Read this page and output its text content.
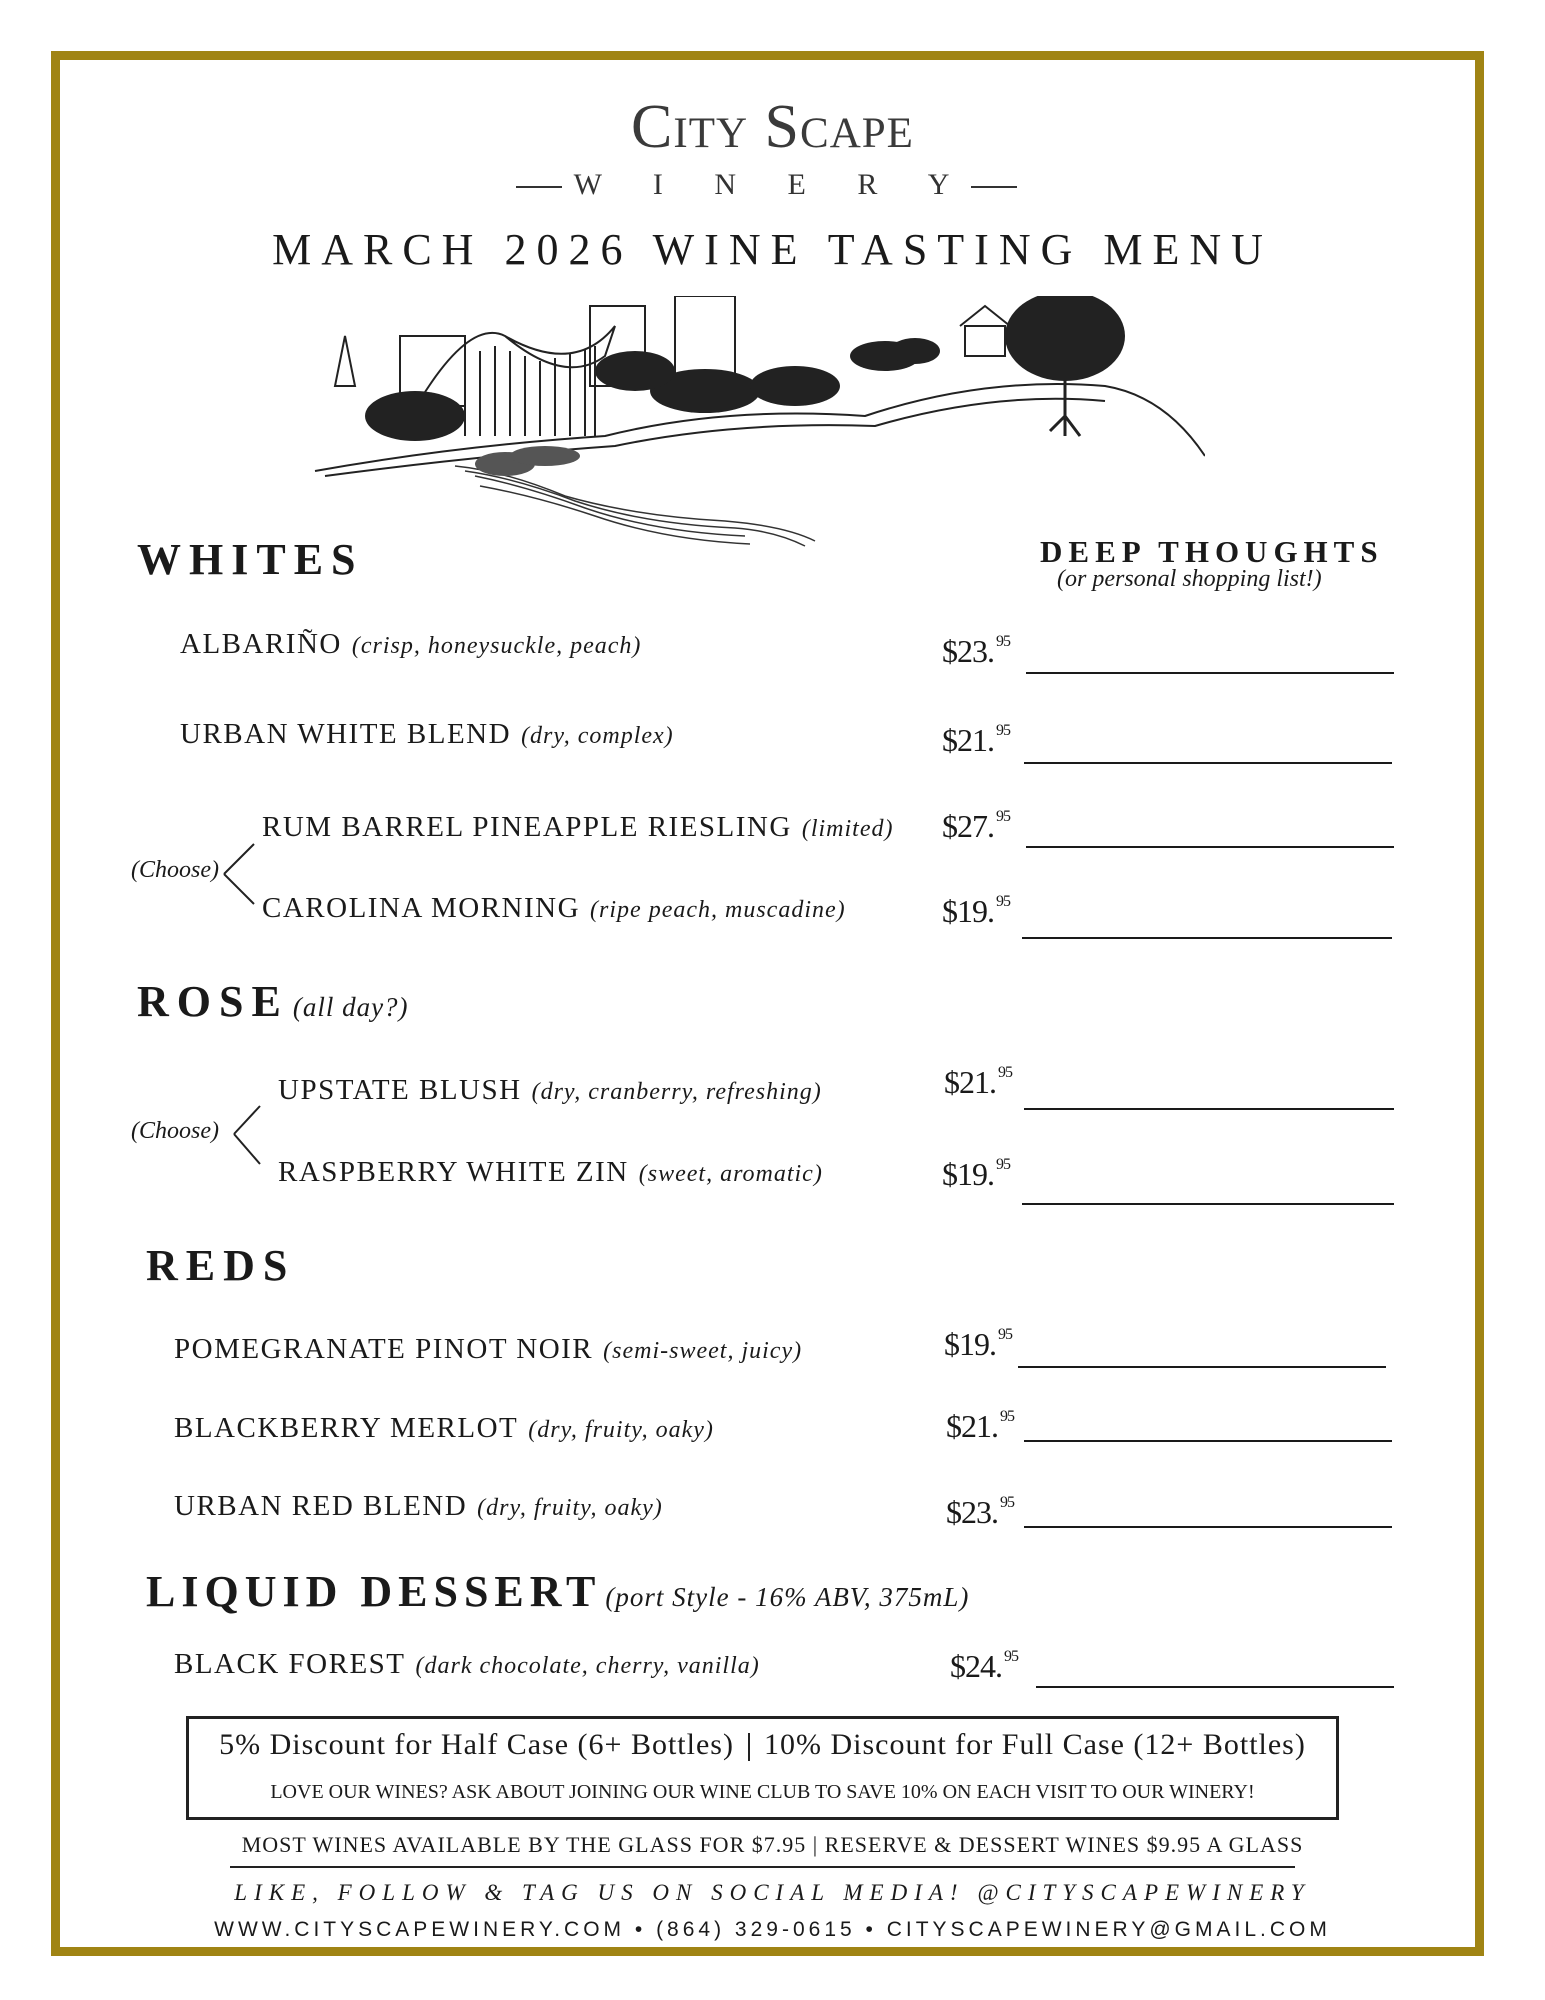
City Scape
W I N E R Y
MARCH 2026 WINE TASTING MENU
WHITES	DEEP THOUGHTS
(or personal shopping list!)
ALBARIÑO (crisp, honeysuckle, peach)	$23. $^{95}$
URBAN WHITE BLEND (dry, complex)	$21. $^{95}$
(Choose)
RUM BARREL PINEAPPLE RIESLING (limited) $27. $^{95}$
CAROLINA MORNING (ripe peach, muscadine)	$19. $^{95}$
ROSE (all day?)
(Choose)
UPSTATE BLUSH (dry, cranberry, refreshing)	$21. $^{95}$
RASPBERRY WHITE ZIN (sweet, aromatic)	$19. $^{95}$
REDS
POMEGRANATE PINOT NOIR (semi-sweet, juicy)	$19. $^{95}$
BLACKBERRY MERLOT (dry, fruity, oaky)	$21. $^{95}$
URBAN RED BLEND (dry, fruity, oaky)	$23. $^{95}$
LIQUID DESSERT (port Style - 16% ABV, 375mL)
BLACK FOREST (dark chocolate, cherry, vanilla)	$24. $^{95}$
5% Discount for Half Case (6+ Bottles) 10% Discount for Full Case (12+ Bottles)
LOVE OUR WINES? ASK ABOUT JOINING OUR WINE CLUB TO SAVE 10% ON EACH VISIT TO OUR WINERY!
MOST WINES AVAILABLE BY THE GLASS FOR $7.95 | RESERVE & DESSERT WINES $9.95 A GLASS
LIKE, FOLLOW & TAG US ON SOCIAL MEDIA! @CITYSCAPEWINERY
WWW.CITYSCAPEWINERY.COM • (864) 329-0615 • CITYSCAPEWINERY@GMAIL.COM
